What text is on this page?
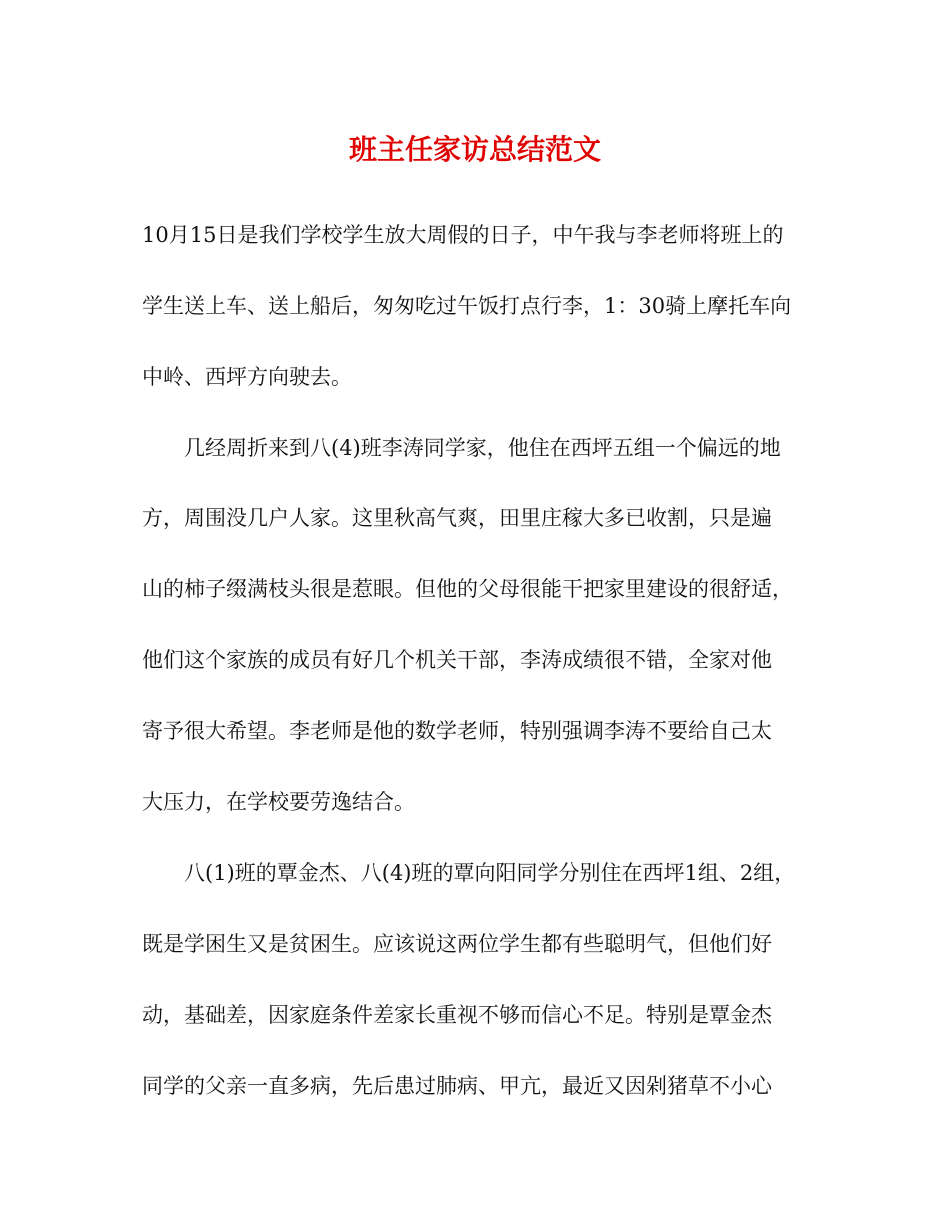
班主任家访总结范文

10月15日是我们学校学生放大周假的日子，中午我与李老师将班上的

学生送上车、送上船后，匆匆吃过午饭打点行李，1：30骑上摩托车向

中岭、西坪方向驶去。

几经周折来到八(4)班李涛同学家，他住在西坪五组一个偏远的地

方，周围没几户人家。这里秋高气爽，田里庄稼大多已收割，只是遍

山的柿子缀满枝头很是惹眼。但他的父母很能干把家里建设的很舒适，

他们这个家族的成员有好几个机关干部，李涛成绩很不错，全家对他

寄予很大希望。李老师是他的数学老师，特别强调李涛不要给自己太

大压力，在学校要劳逸结合。

八(1)班的覃金杰、八(4)班的覃向阳同学分别住在西坪1组、2组，

既是学困生又是贫困生。应该说这两位学生都有些聪明气，但他们好

动，基础差，因家庭条件差家长重视不够而信心不足。特别是覃金杰

同学的父亲一直多病，先后患过肺病、甲亢，最近又因剁猪草不小心
